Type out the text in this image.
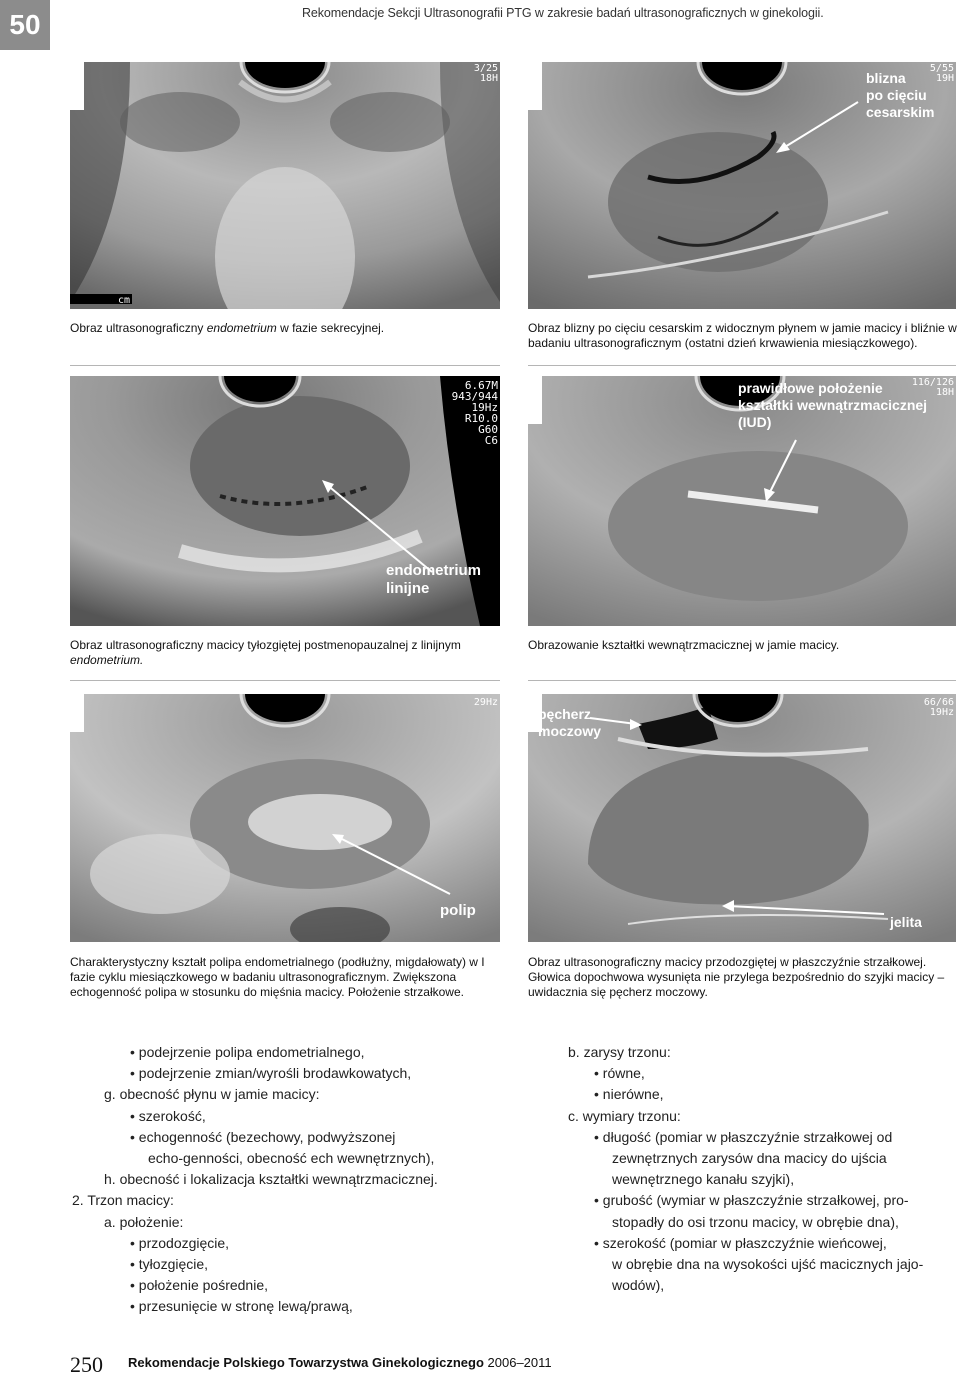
50	Rekomendacje Sekcji Ultrasonografii PTG w zakresie badań ultrasonograficznych w ginekologii.
3/25
18H
cm
Obraz ultrasonograficzny endometrium w fazie sekrecyjnej.
5/55
19H
blizna
po cięciu
cesarskim
Obraz blizny po cięciu cesarskim z widocznym płynem w jamie macicy i bliźnie w badaniu ultrasonograficznym (ostatni dzień krwawienia miesiączkowego).
6.67M
943/944
19Hz
R10.0
G60
C6
endometrium
linijne
Obraz ultrasonograficzny macicy tyłozgiętej postmenopauzalnej z linijnym endometrium.
116/126
18H
prawidłowe położenie
kształtki wewnątrzmacicznej
(IUD)
Obrazowanie kształtki wewnątrzmacicznej w jamie macicy.
29Hz
polip
Charakterystyczny kształt polipa endometrialnego (podłużny, migdałowaty) w I fazie cyklu miesiączkowego w badaniu ultrasonograficznym. Zwiększona echogenność polipa w stosunku do mięśnia macicy. Położenie strzałkowe.
66/66
19Hz
pęcherz
moczowy
jelita
Obraz ultrasonograficzny macicy przodozgiętej w płaszczyźnie strzałkowej. Głowica dopochwowa wysunięta nie przylega bezpośrednio do szyjki macicy – uwidacznia się pęcherz moczowy.
• podejrzenie polipa endometrialnego,
• podejrzenie zmian/wyrośli brodawkowatych,
g. obecność płynu w jamie macicy:
• szerokość,
• echogenność (bezechowy, podwyższonej
echo-genności, obecność ech wewnętrznych),
h. obecność i lokalizacja kształtki wewnątrzmacicznej.
2. Trzon macicy:
a. położenie:
• przodozgięcie,
• tyłozgięcie,
• położenie pośrednie,
• przesunięcie w stronę lewą/prawą,
b. zarysy trzonu:
• równe,
• nierówne,
c. wymiary trzonu:
• długość (pomiar w płaszczyźnie strzałkowej od
zewnętrznych zarysów dna macicy do ujścia
wewnętrznego kanału szyjki),
• grubość (wymiar w płaszczyźnie strzałkowej, pro-
stopadły do osi trzonu macicy, w obrębie dna),
• szerokość (pomiar w płaszczyźnie wieńcowej,
w obrębie dna na wysokości ujść macicznych jajo-
wodów),
250 Rekomendacje Polskiego Towarzystwa Ginekologicznego 2006–2011
